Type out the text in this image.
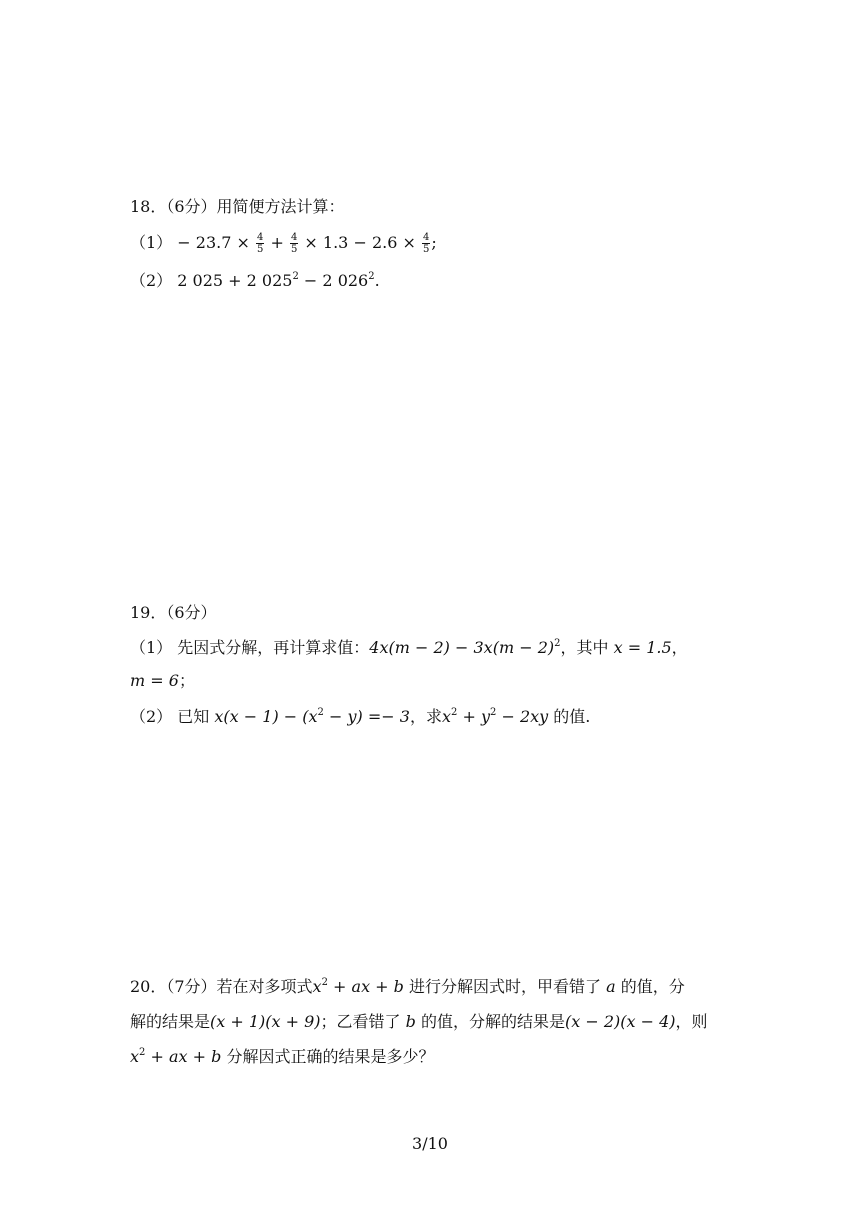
18．（6分）用简便方法计算：
$(1) - 23.7 \times \frac{4}{5} + \frac{4}{5} \times 1.3 - 2.6 \times \frac{4}{5}$ ;
（2） 2 025 + 2 $025^2 - 2$ $026^2$.
19．（6分）
（1） 先因式分解，再计算求值：$4x(m - 2) - 3x(m - 2)^2$，其中 x = 1.5，
m = 6；
（2） 已知 $x(x - 1) - (x^2 - y) =- 3$，求$x^2 + y^2 - 2xy$ 的值.
20．（7分）若在对多项式$x^2$ + ax + b 进行分解因式时，甲看错了 a 的值，分
解的结果是(x + 1)(x + 9)；乙看错了 b 的值，分解的结果是(x − 2)(x − 4)，则
$x^2$ + ax + b 分解因式正确的结果是多少？
3/10
